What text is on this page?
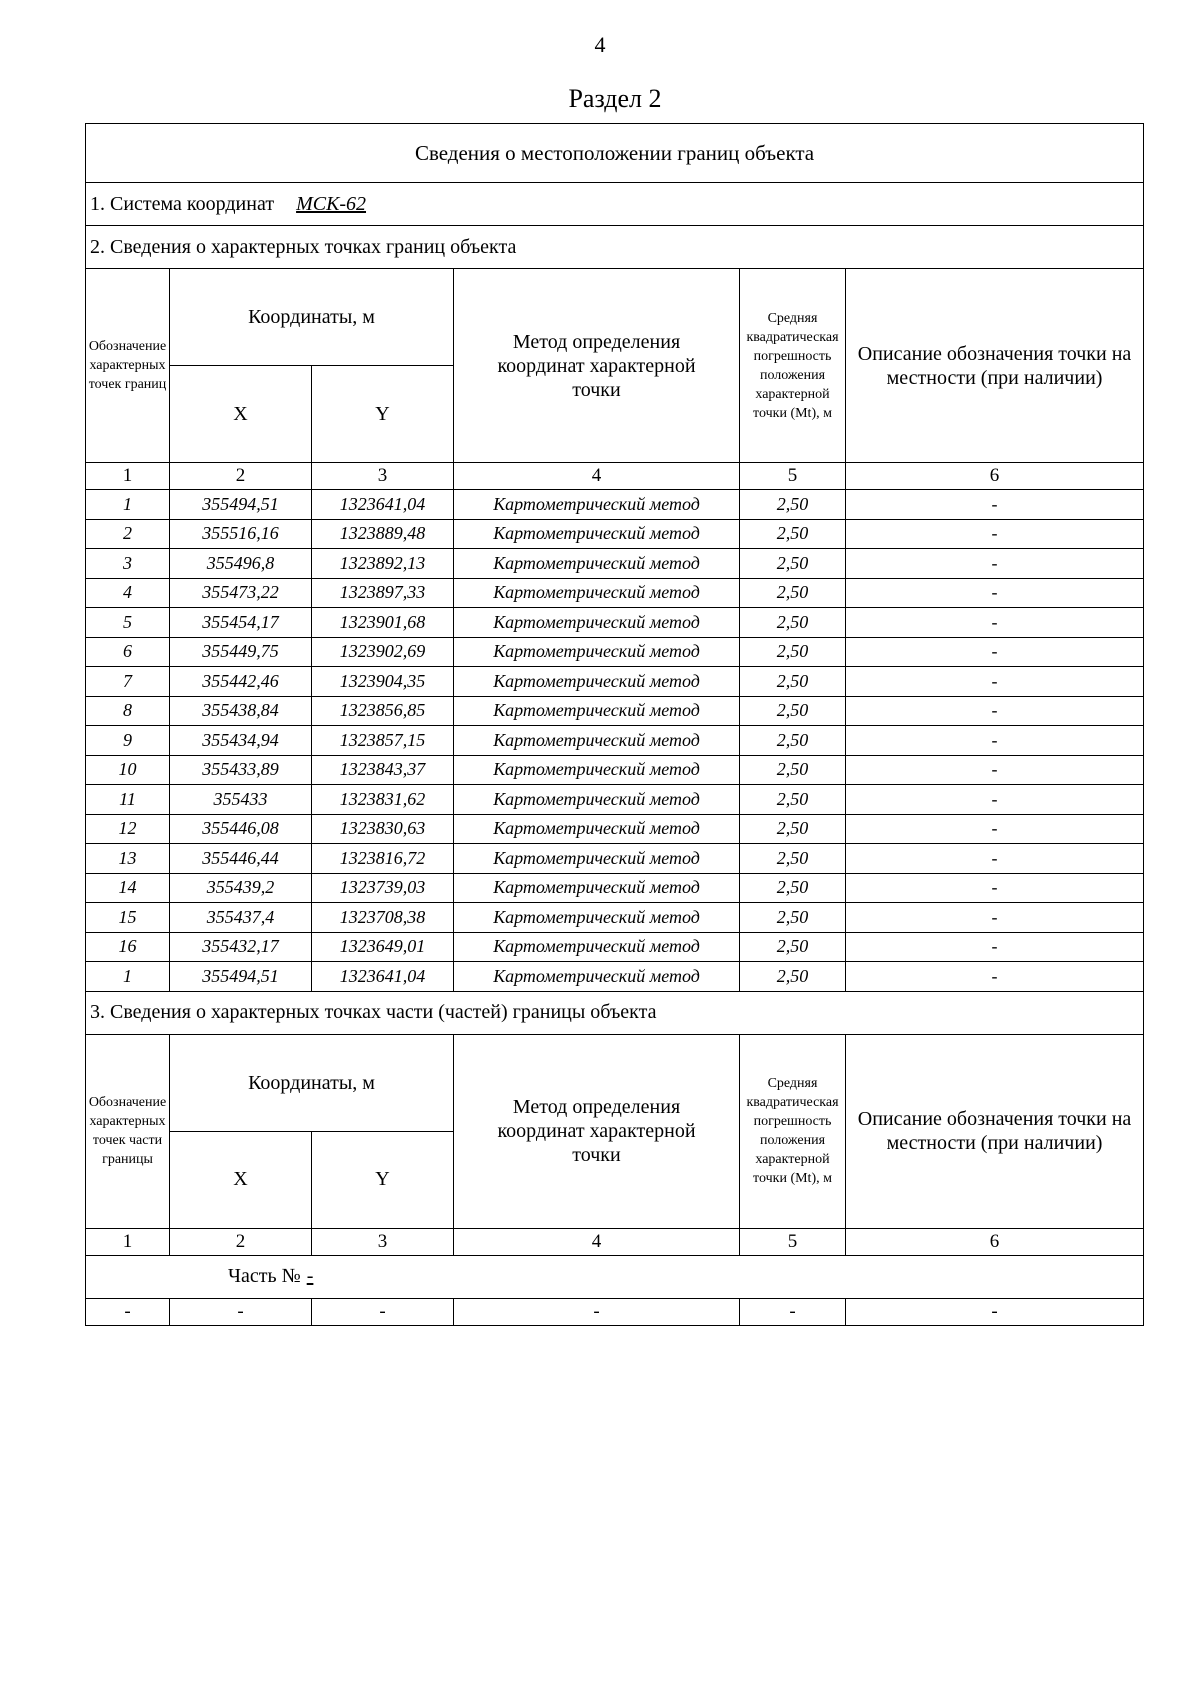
4
Раздел 2
Сведения о местоположении границ объекта					
1. Система координат МСК-62					
2. Сведения о характерных точках границ объекта					
Обозначение характерных точек границ	Координаты, м		Метод определения координат характерной точки	Средняя квадратическая погрешность положения характерной точки (Mt), м	Описание обозначения точки на местности (при наличии)
	X	Y			
1	2	3	4	5	6
1	355494,51	1323641,04	Картометрический метод	2,50	-
2	355516,16	1323889,48	Картометрический метод	2,50	-
3	355496,8	1323892,13	Картометрический метод	2,50	-
4	355473,22	1323897,33	Картометрический метод	2,50	-
5	355454,17	1323901,68	Картометрический метод	2,50	-
6	355449,75	1323902,69	Картометрический метод	2,50	-
7	355442,46	1323904,35	Картометрический метод	2,50	-
8	355438,84	1323856,85	Картометрический метод	2,50	-
9	355434,94	1323857,15	Картометрический метод	2,50	-
10	355433,89	1323843,37	Картометрический метод	2,50	-
11	355433	1323831,62	Картометрический метод	2,50	-
12	355446,08	1323830,63	Картометрический метод	2,50	-
13	355446,44	1323816,72	Картометрический метод	2,50	-
14	355439,2	1323739,03	Картометрический метод	2,50	-
15	355437,4	1323708,38	Картометрический метод	2,50	-
16	355432,17	1323649,01	Картометрический метод	2,50	-
1	355494,51	1323641,04	Картометрический метод	2,50	-
3. Сведения о характерных точках части (частей) границы объекта					
Обозначение характерных точек части границы	Координаты, м		Метод определения координат характерной точки	Средняя квадратическая погрешность положения характерной точки (Mt), м	Описание обозначения точки на местности (при наличии)
	X	Y			
1	2	3	4	5	6
Часть № -					
-	-	-	-	-	-
